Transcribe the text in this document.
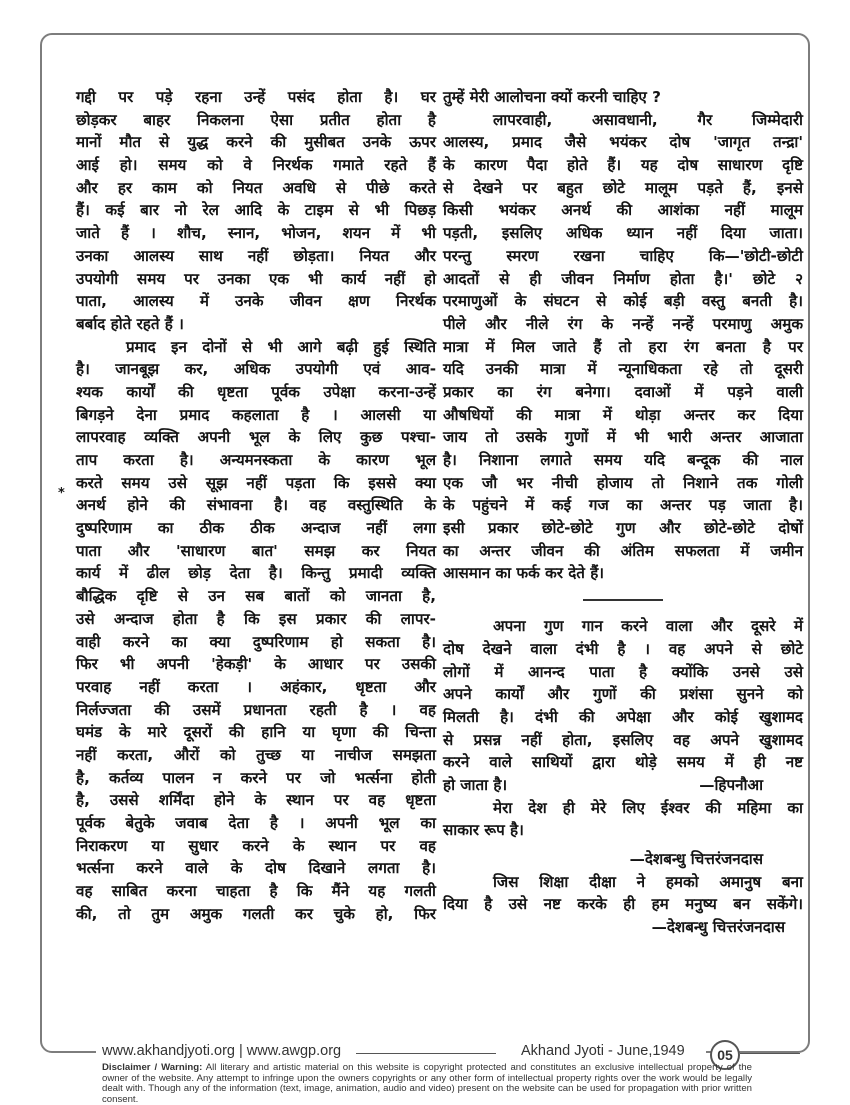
*
गद्दी पर पड़े रहना उन्हें पसंद होता है। घर
छोड़कर बाहर निकलना ऐसा प्रतीत होता है
मानों मौत से युद्ध करने की मुसीबत उनके ऊपर
आई हो। समय को वे निरर्थक गमाते रहते हैं
और हर काम को नियत अवधि से पीछे करते
हैं। कई बार नो रेल आदि के टाइम से भी पिछड़
जाते हैं । शौच, स्नान, भोजन, शयन में भी
उनका आलस्य साथ नहीं छोड़ता। नियत और
उपयोगी समय पर उनका एक भी कार्य नहीं हो
पाता, आलस्य में उनके जीवन क्षण निरर्थक
बर्बाद होते रहते हैं ।
प्रमाद इन दोनों से भी आगे बढ़ी हुई स्थिति
है। जानबूझ कर, अधिक उपयोगी एवं आव-
श्यक कार्यों की धृष्टता पूर्वक उपेक्षा करना-उन्हें
बिगड़ने देना प्रमाद कहलाता है । आलसी या
लापरवाह व्यक्ति अपनी भूल के लिए कुछ पश्चा-
ताप करता है। अन्यमनस्कता के कारण भूल
करते समय उसे सूझ नहीं पड़ता कि इससे क्या
अनर्थ होने की संभावना है। वह वस्तुस्थिति के
दुष्परिणाम का ठीक ठीक अन्दाज नहीं लगा
पाता और 'साधारण बात' समझ कर नियत
कार्य में ढील छोड़ देता है। किन्तु प्रमादी व्यक्ति
बौद्धिक दृष्टि से उन सब बातों को जानता है,
उसे अन्दाज होता है कि इस प्रकार की लापर-
वाही करने का क्या दुष्परिणाम हो सकता है।
फिर भी अपनी 'हेकड़ी' के आधार पर उसकी
परवाह नहीं करता । अहंकार, धृष्टता और
निर्लज्जता की उसमें प्रधानता रहती है । वह
घमंड के मारे दूसरों की हानि या घृणा की चिन्ता
नहीं करता, औरों को तुच्छ या नाचीज समझता
है, कर्तव्य पालन न करने पर जो भर्त्सना होती
है, उससे शर्मिंदा होने के स्थान पर वह धृष्टता
पूर्वक बेतुके जवाब देता है । अपनी भूल का
निराकरण या सुधार करने के स्थान पर वह
भर्त्सना करने वाले के दोष दिखाने लगता है।
वह साबित करना चाहता है कि मैंने यह गलती
की, तो तुम अमुक गलती कर चुके हो, फिर
तुम्हें मेरी आलोचना क्यों करनी चाहिए ?
लापरवाही, असावधानी, गैर जिम्मेदारी
आलस्य, प्रमाद जैसे भयंकर दोष 'जागृत तन्द्रा'
के कारण पैदा होते हैं। यह दोष साधारण दृष्टि
से देखने पर बहुत छोटे मालूम पड़ते हैं, इनसे
किसी भयंकर अनर्थ की आशंका नहीं मालूम
पड़ती, इसलिए अधिक ध्यान नहीं दिया जाता।
परन्तु स्मरण रखना चाहिए कि—'छोटी-छोटी
आदतों से ही जीवन निर्माण होता है।' छोटे २
परमाणुओं के संघटन से कोई बड़ी वस्तु बनती है।
पीले और नीले रंग के नन्हें नन्हें परमाणु अमुक
मात्रा में मिल जाते हैं तो हरा रंग बनता है पर
यदि उनकी मात्रा में न्यूनाधिकता रहे तो दूसरी
प्रकार का रंग बनेगा। दवाओं में पड़ने वाली
औषधियों की मात्रा में थोड़ा अन्तर कर दिया
जाय तो उसके गुणों में भी भारी अन्तर आजाता
है। निशाना लगाते समय यदि बन्दूक की नाल
एक जौ भर नीची होजाय तो निशाने तक गोली
के पहुंचने में कई गज का अन्तर पड़ जाता है।
इसी प्रकार छोटे-छोटे गुण और छोटे-छोटे दोषों
का अन्तर जीवन की अंतिम सफलता में जमीन
आसमान का फर्क कर देते हैं।
अपना गुण गान करने वाला और दूसरे में
दोष देखने वाला दंभी है । वह अपने से छोटे
लोगों में आनन्द पाता है क्योंकि उनसे उसे
अपने कार्यों और गुणों की प्रशंसा सुनने को
मिलती है। दंभी की अपेक्षा और कोई खुशामद
से प्रसन्न नहीं होता, इसलिए वह अपने खुशामद
करने वाले साथियों द्वारा थोड़े समय में ही नष्ट
हो जाता है।	—हिपनौआ
मेरा देश ही मेरे लिए ईश्वर की महिमा का
साकार रूप है।
—देशबन्धु चित्तरंजनदास
जिस शिक्षा दीक्षा ने हमको अमानुष बना
दिया है उसे नष्ट करके ही हम मनुष्य बन सकेंगे।
—देशबन्धु चित्तरंजनदास
www.akhandjyoti.org | www.awgp.org	Akhand Jyoti - June,1949 05
Disclaimer / Warning: All literary and artistic material on this website is copyright protected and constitutes an exclusive intellectual property of the owner of the website. Any attempt to infringe upon the owners copyrights or any other form of intellectual property rights over the work would be legally dealt with. Though any of the information (text, image, animation, audio and video) present on the website can be used for propagation with prior written consent.
